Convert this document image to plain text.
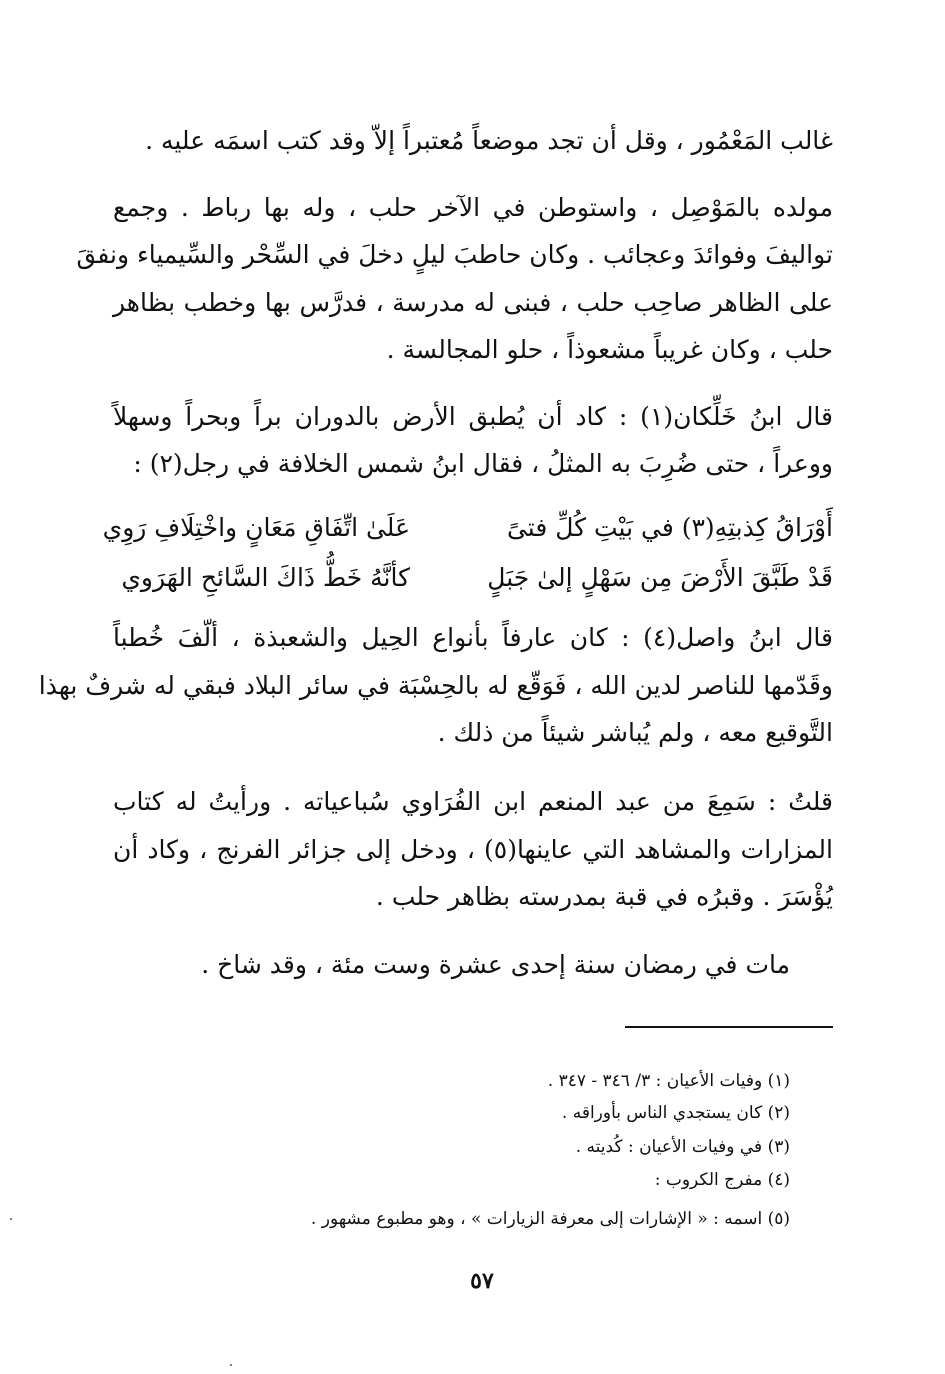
غالب المَعْمُور ، وقل أن تجد موضعاً مُعتبراً إلاّ وقد كتب اسمَه عليه .
مولده بالمَوْصِل ، واستوطن في الآخر حلب ، وله بها رباط . وجمع
تواليفَ وفوائدَ وعجائب . وكان حاطبَ ليلٍ دخلَ في السِّحْر والسِّيمياء ونفقَ
على الظاهر صاحِب حلب ، فبنى له مدرسة ، فدرَّس بها وخطب بظاهر
حلب ، وكان غريباً مشعوذاً ، حلو المجالسة .
قال ابنُ خَلِّكان(١) : كاد أن يُطبق الأرض بالدوران براً وبحراً وسهلاً
ووعراً ، حتى ضُرِبَ به المثلُ ، فقال ابنُ شمس الخلافة في رجل(٢) :
أَوْرَاقُ كِذبتِهِ(٣) في بَيْتِ كُلِّ فتىً
عَلَىٰ اتِّفَاقِ مَعَانٍ واخْتِلَافِ رَوِي
قَدْ طَبَّقَ الأَرْضَ مِن سَهْلٍ إلىٰ جَبَلٍ
كأنَّهُ خَطُّ ذَاكَ السَّائحِ الهَرَوي
قال ابنُ واصل(٤) : كان عارفاً بأنواع الحِيل والشعبذة ، ألّفَ خُطباً
وقَدّمها للناصر لدين الله ، فَوَقّع له بالحِسْبَة في سائر البلاد فبقي له شرفٌ بهذا
التَّوقيع معه ، ولم يُباشر شيئاً من ذلك .
قلتُ : سَمِعَ من عبد المنعم ابن الفُرَاوي سُباعياته . ورأيتُ له كتاب
المزارات والمشاهد التي عاينها(٥) ، ودخل إلى جزائر الفرنج ، وكاد أن
يُؤْسَرَ . وقبرُه في قبة بمدرسته بظاهر حلب .
مات في رمضان سنة إحدى عشرة وست مئة ، وقد شاخ .
(١) وفيات الأعيان : ٣/ ٣٤٦ - ٣٤٧ .
(٢) كان يستجدي الناس بأوراقه .
(٣) في وفيات الأعيان : كُديته .
(٤) مفرج الكروب :
(٥) اسمه : « الإشارات إلى معرفة الزيارات » ، وهو مطبوع مشهور .
٥٧
